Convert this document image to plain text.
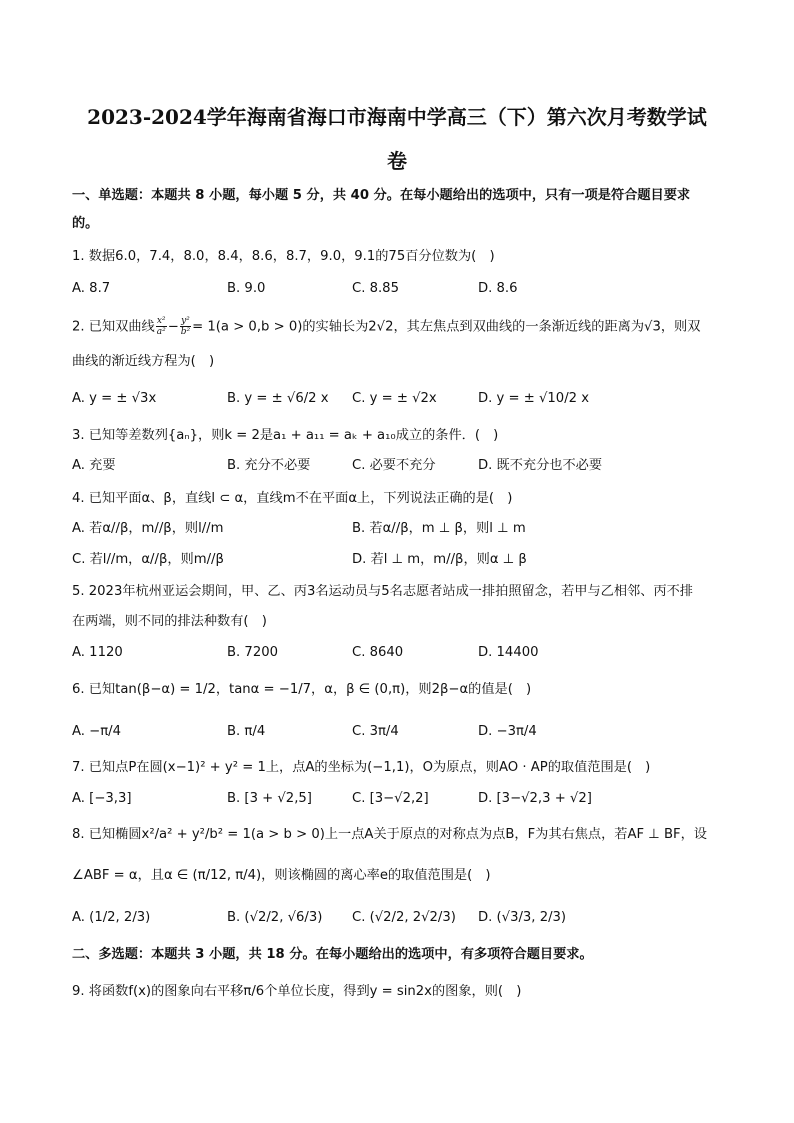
2023-2024学年海南省海口市海南中学高三（下）第六次月考数学试
卷
一、单选题：本题共 8 小题，每小题 5 分，共 40 分。在每小题给出的选项中，只有一项是符合题目要求
的。
1. 数据6.0，7.4，8.0，8.4，8.6，8.7，9.0，9.1的75百分位数为(　)
A. 8.7	B. 9.0	C. 8.85	D. 8.6
2. 已知双曲线 $\frac{\text{x²}}{\text{a²}} - \frac{\text{y²}}{\text{b²}} = 1(a > 0,b > 0)$的实轴长为2√2，其左焦点到双曲线的一条渐近线的距离为√3，则双
曲线的渐近线方程为(　)
A. y = ± √3x	B. y = ± √6/2 x C. y = ± √2x	D. y = ± √10/2 x
3. 已知等差数列{aₙ}，则k = 2是a₁ + a₁₁ = aₖ + a₁₀成立的条件．(　)
A. 充要	B. 充分不必要	C. 必要不充分	D. 既不充分也不必要
4. 已知平面α、β，直线l ⊂ α，直线m不在平面α上，下列说法正确的是(　)
A. 若α//β，m//β，则l//m	B. 若α//β，m ⊥ β，则l ⊥ m
C. 若l//m，α//β，则m//β	D. 若l ⊥ m，m//β，则α ⊥ β
5. 2023年杭州亚运会期间，甲、乙、丙3名运动员与5名志愿者站成一排拍照留念，若甲与乙相邻、丙不排
在两端，则不同的排法种数有(　)
A. 1120	B. 7200	C. 8640	D. 14400
6. 已知tan(β−α) = 1/2，tanα = −1/7，α，β ∈ (0,π)，则2β−α的值是(　)
A. −π/4	B. π/4	C. 3π/4	D. −3π/4
7. 已知点P在圆(x−1)² + y² = 1上，点A的坐标为(−1,1)，O为原点，则AO · AP的取值范围是(　)
A. [−3,3]	B. [3 + √2,5]	C. [3−√2,2]	D. [3−√2,3 + √2]
8. 已知椭圆x²/a² + y²/b² = 1(a > b > 0)上一点A关于原点的对称点为点B，F为其右焦点，若AF ⊥ BF，设
∠ABF = α，且α ∈ (π/12, π/4)，则该椭圆的离心率e的取值范围是(　)
A. (1/2, 2/3)	B. (√2/2, √6/3) C. (√2/2, 2√2/3) D. (√3/3, 2/3)
二、多选题：本题共 3 小题，共 18 分。在每小题给出的选项中，有多项符合题目要求。
9. 将函数f(x)的图象向右平移π/6个单位长度，得到y = sin2x的图象，则(　)
